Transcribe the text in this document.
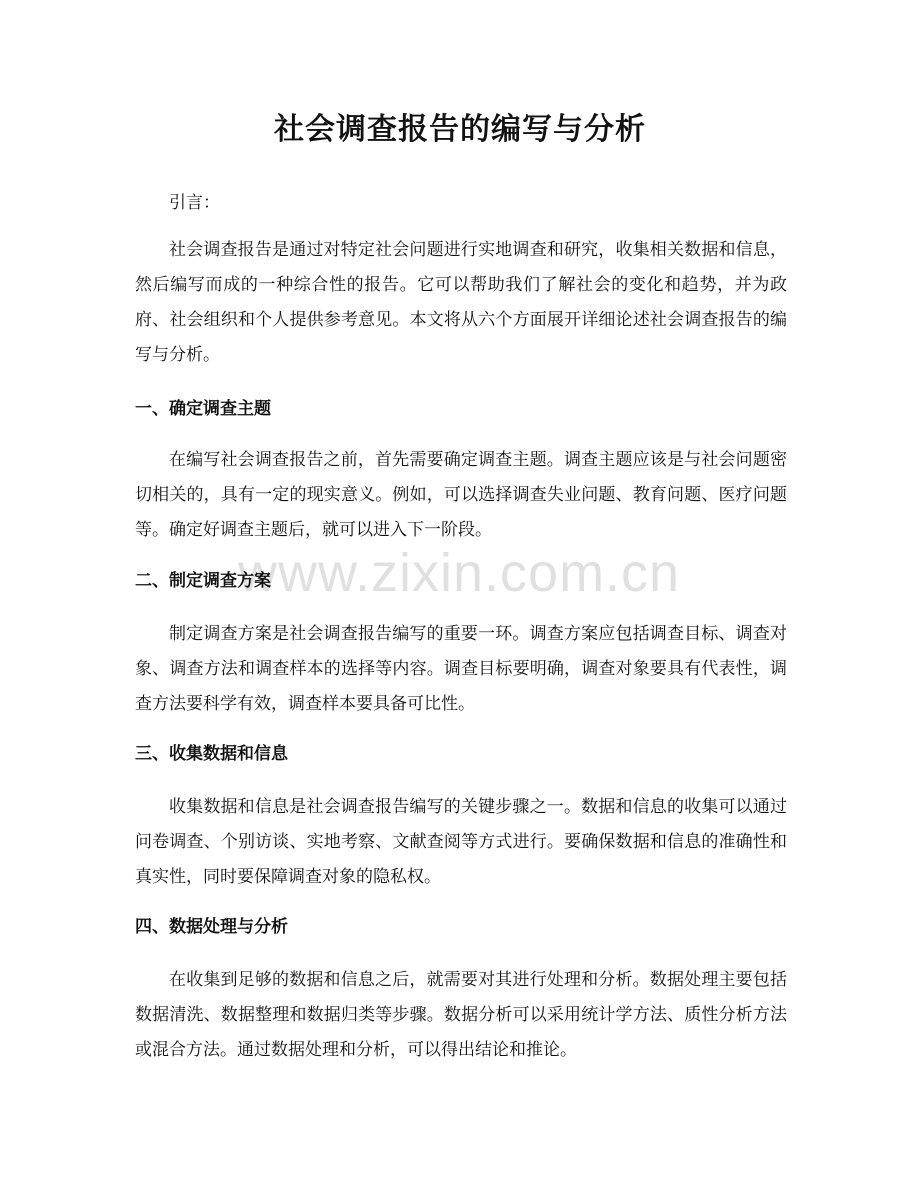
社会调查报告的编写与分析

引言：

社会调查报告是通过对特定社会问题进行实地调查和研究，收集相关数据和信息，然后编写而成的一种综合性的报告。它可以帮助我们了解社会的变化和趋势，并为政府、社会组织和个人提供参考意见。本文将从六个方面展开详细论述社会调查报告的编写与分析。

一、确定调查主题

在编写社会调查报告之前，首先需要确定调查主题。调查主题应该是与社会问题密切相关的，具有一定的现实意义。例如，可以选择调查失业问题、教育问题、医疗问题等。确定好调查主题后，就可以进入下一阶段。

二、制定调查方案

制定调查方案是社会调查报告编写的重要一环。调查方案应包括调查目标、调查对象、调查方法和调查样本的选择等内容。调查目标要明确，调查对象要具有代表性，调查方法要科学有效，调查样本要具备可比性。

三、收集数据和信息

收集数据和信息是社会调查报告编写的关键步骤之一。数据和信息的收集可以通过问卷调查、个别访谈、实地考察、文献查阅等方式进行。要确保数据和信息的准确性和真实性，同时要保障调查对象的隐私权。

四、数据处理与分析

在收集到足够的数据和信息之后，就需要对其进行处理和分析。数据处理主要包括数据清洗、数据整理和数据归类等步骤。数据分析可以采用统计学方法、质性分析方法或混合方法。通过数据处理和分析，可以得出结论和推论。

www.zixin.com.cn
